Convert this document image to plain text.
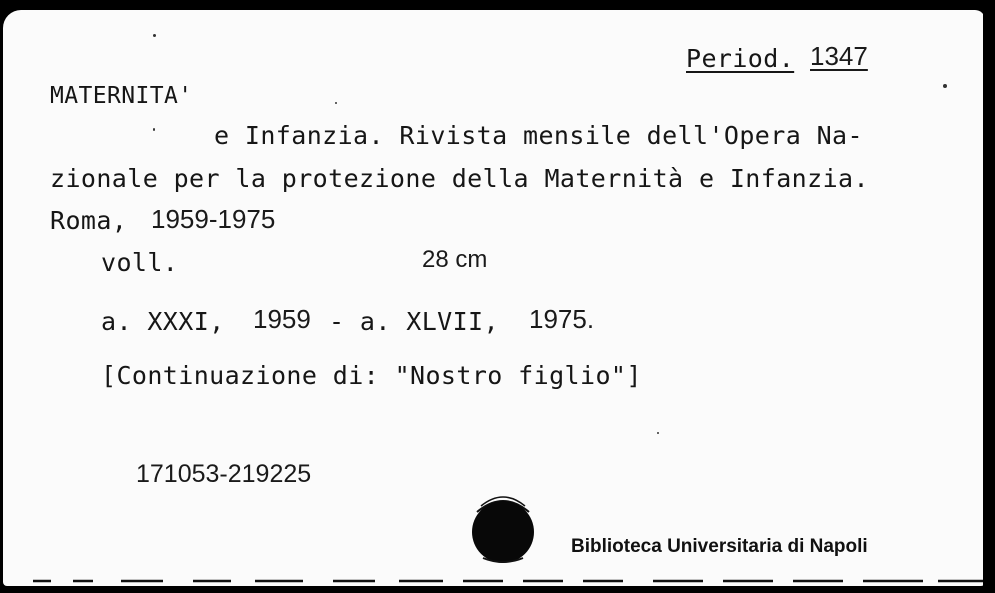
Period. 1347
MATERNITA'
e Infanzia. Rivista mensile dell'Opera Na-
zionale per la protezione della Maternità e Infanzia.
Roma, 1959-1975
voll.	28 cm
a. XXXI, 1959 - a. XLVII, 1975.
[Continuazione di: "Nostro figlio"]
171053-219225
Biblioteca Universitaria di Napoli
